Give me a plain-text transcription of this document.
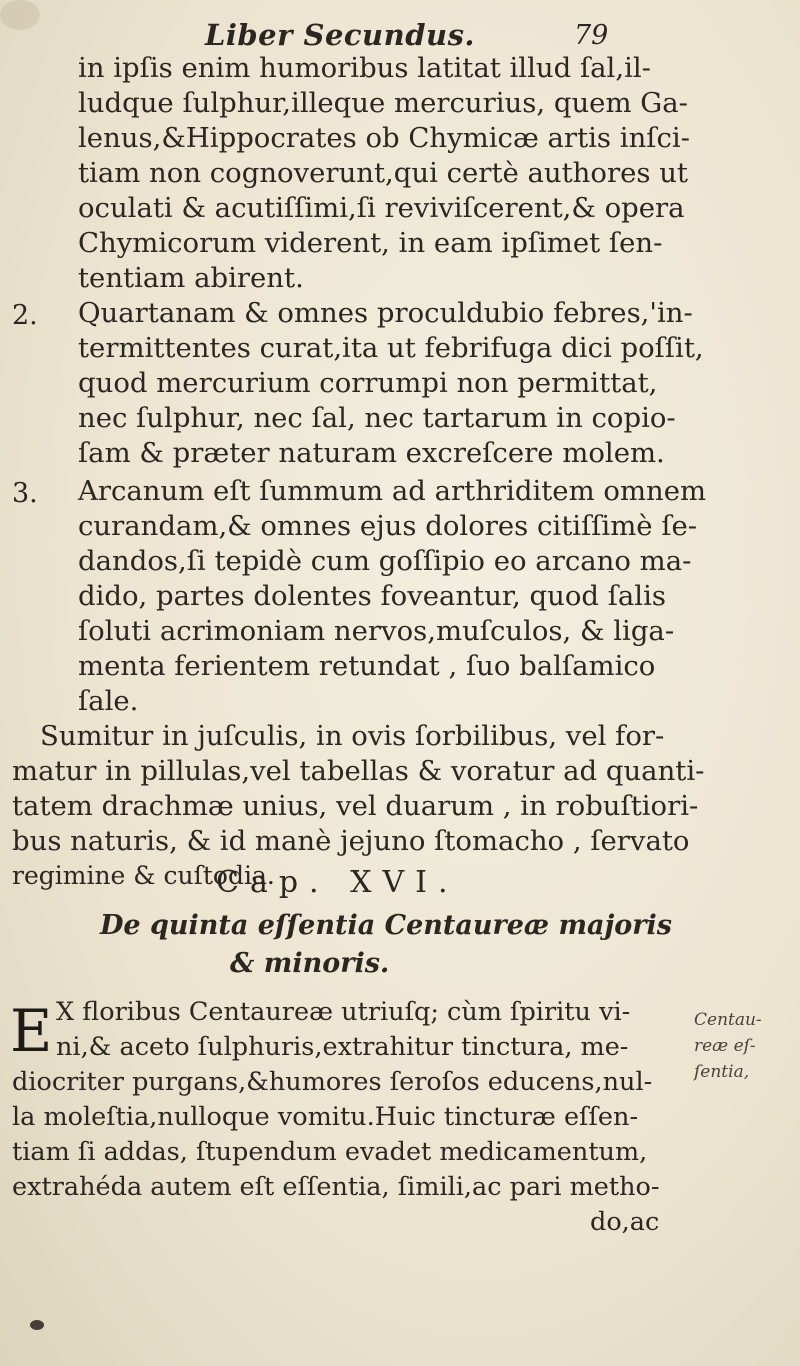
Liber Secundus.	79
in ipſis enim humoribus latitat illud ſal,il-
ludque ſulphur,illeque mercurius, quem Ga-
lenus,&Hippocrates ob Chymicæ artis inſci-
tiam non cognoverunt,qui certè authores ut
oculati & acutiſſimi,ſi reviviſcerent,& opera
Chymicorum viderent, in eam ipſimet ſen-
tentiam abirent.
2. Quartanam & omnes proculdubio febres,'in-
termittentes curat,ita ut febrifuga dici poſſit,
quod mercurium corrumpi non permittat,
nec ſulphur, nec ſal, nec tartarum in copio-
ſam & præter naturam excreſcere molem.
3. Arcanum eſt ſummum ad arthriditem omnem
curandam,& omnes ejus dolores citiſſimè ſe-
dandos,ſi tepidè cum goſſipio eo arcano ma-
dido, partes dolentes foveantur, quod ſalis
ſoluti acrimoniam nervos,muſculos, & liga-
menta ferientem retundat , ſuo balſamico
ſale.
Sumitur in juſculis, in ovis ſorbilibus, vel for-
matur in pillulas,vel tabellas & voratur ad quanti-
tatem drachmæ unius, vel duarum , in robuſtiori-
bus naturis, & id manè jejuno ſtomacho , ſervato
regimine & cuſtodia.
Cap. XVI.
De quinta eſſentia Centaureæ majoris
& minoris.
E X floribus Centaureæ utriuſq; cùm ſpiritu vi-
ni,& aceto ſulphuris,extrahitur tinctura, me-
diocriter purgans,&humores ſeroſos educens,nul-
la moleſtia,nulloque vomitu.Huic tincturæ eſſen-
tiam ſi addas, ſtupendum evadet medicamentum,
extrahéda autem eſt eſſentia, ſimili,ac pari metho-
do,ac
Centau-
reæ eſ-
ſentia,
